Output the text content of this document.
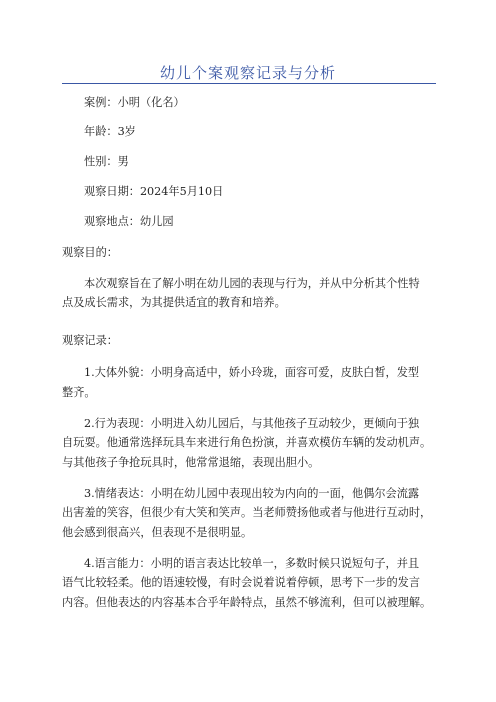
幼儿个案观察记录与分析
案例：小明（化名）
年龄：3岁
性别：男
观察日期：2024年5月10日
观察地点：幼儿园
观察目的：
本次观察旨在了解小明在幼儿园的表现与行为，并从中分析其个性特
点及成长需求，为其提供适宜的教育和培养。
观察记录：
1.大体外貌：小明身高适中，娇小玲珑，面容可爱，皮肤白皙，发型
整齐。
2.行为表现：小明进入幼儿园后，与其他孩子互动较少，更倾向于独
自玩耍。他通常选择玩具车来进行角色扮演，并喜欢模仿车辆的发动机声。
与其他孩子争抢玩具时，他常常退缩，表现出胆小。
3.情绪表达：小明在幼儿园中表现出较为内向的一面，他偶尔会流露
出害羞的笑容，但很少有大笑和笑声。当老师赞扬他或者与他进行互动时，
他会感到很高兴，但表现不是很明显。
4.语言能力：小明的语言表达比较单一，多数时候只说短句子，并且
语气比较轻柔。他的语速较慢，有时会说着说着停顿，思考下一步的发言
内容。但他表达的内容基本合乎年龄特点，虽然不够流利，但可以被理解。
